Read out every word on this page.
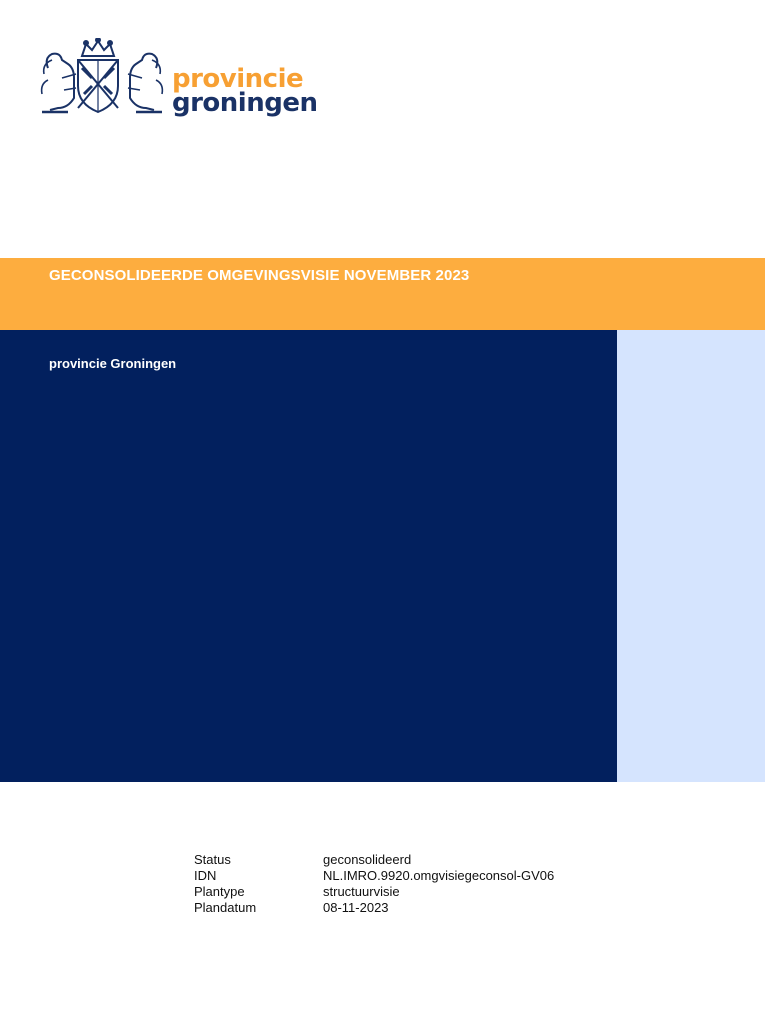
provincie
groningen
GECONSOLIDEERDE OMGEVINGSVISIE NOVEMBER 2023
provincie Groningen
Status	geconsolideerd
IDN	NL.IMRO.9920.omgvisiegeconsol-GV06
Plantype	structuurvisie
Plandatum	08-11-2023
